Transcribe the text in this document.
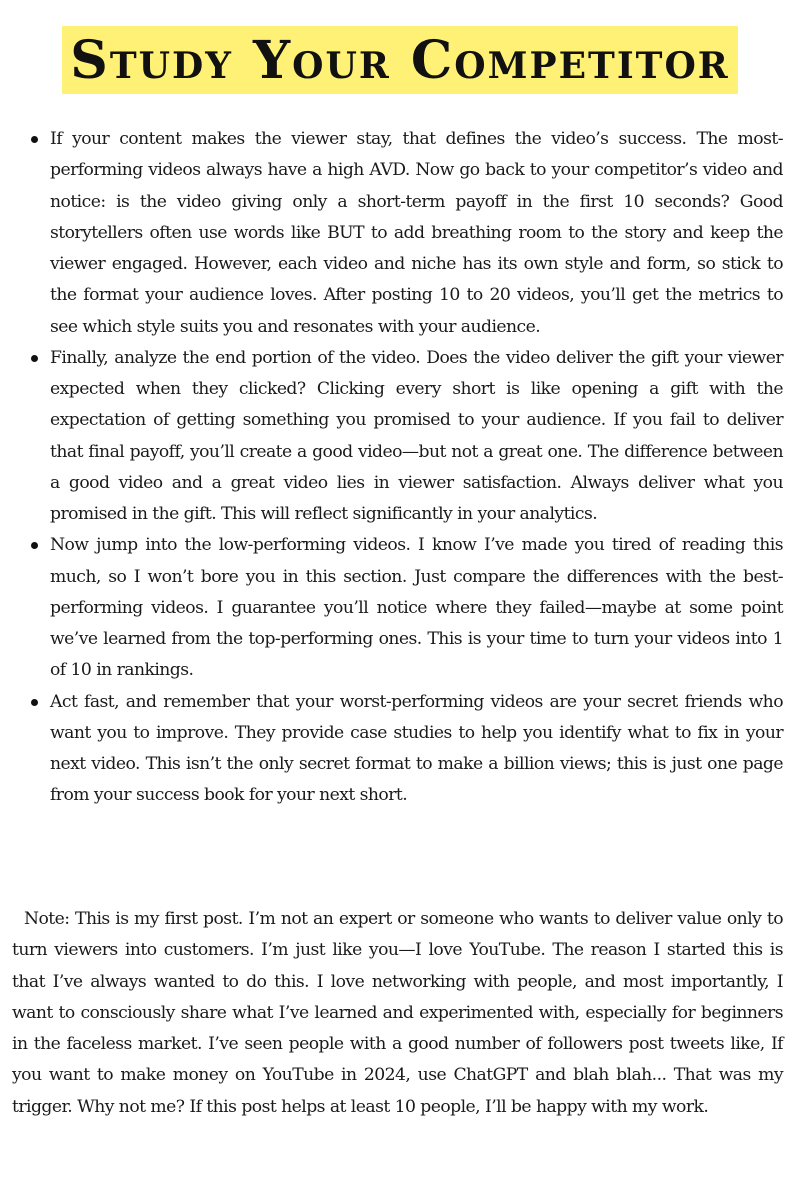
Study Your Competitor

If your content makes the viewer stay, that defines the video’s success. The most-performing videos always have a high AVD. Now go back to your competitor’s video and notice: is the video giving only a short-term payoff in the first 10 seconds? Good storytellers often use words like BUT to add breathing room to the story and keep the viewer engaged. However, each video and niche has its own style and form, so stick to the format your audience loves. After posting 10 to 20 videos, you’ll get the metrics to see which style suits you and resonates with your audience.

Finally, analyze the end portion of the video. Does the video deliver the gift your viewer expected when they clicked? Clicking every short is like opening a gift with the expectation of getting something you promised to your audience. If you fail to deliver that final payoff, you’ll create a good video—but not a great one. The difference between a good video and a great video lies in viewer satisfaction. Always deliver what you promised in the gift. This will reflect significantly in your analytics.

Now jump into the low-performing videos. I know I’ve made you tired of reading this much, so I won’t bore you in this section. Just compare the differences with the best-performing videos. I guarantee you’ll notice where they failed—maybe at some point we’ve learned from the top-performing ones. This is your time to turn your videos into 1 of 10 in rankings.

Act fast, and remember that your worst-performing videos are your secret friends who want you to improve. They provide case studies to help you identify what to fix in your next video. This isn’t the only secret format to make a billion views; this is just one page from your success book for your next short.

Note: This is my first post. I’m not an expert or someone who wants to deliver value only to turn viewers into customers. I’m just like you—I love YouTube. The reason I started this is that I’ve always wanted to do this. I love networking with people, and most importantly, I want to consciously share what I’ve learned and experimented with, especially for beginners in the faceless market. I’ve seen people with a good number of followers post tweets like, If you want to make money on YouTube in 2024, use ChatGPT and blah blah... That was my trigger. Why not me? If this post helps at least 10 people, I’ll be happy with my work.
